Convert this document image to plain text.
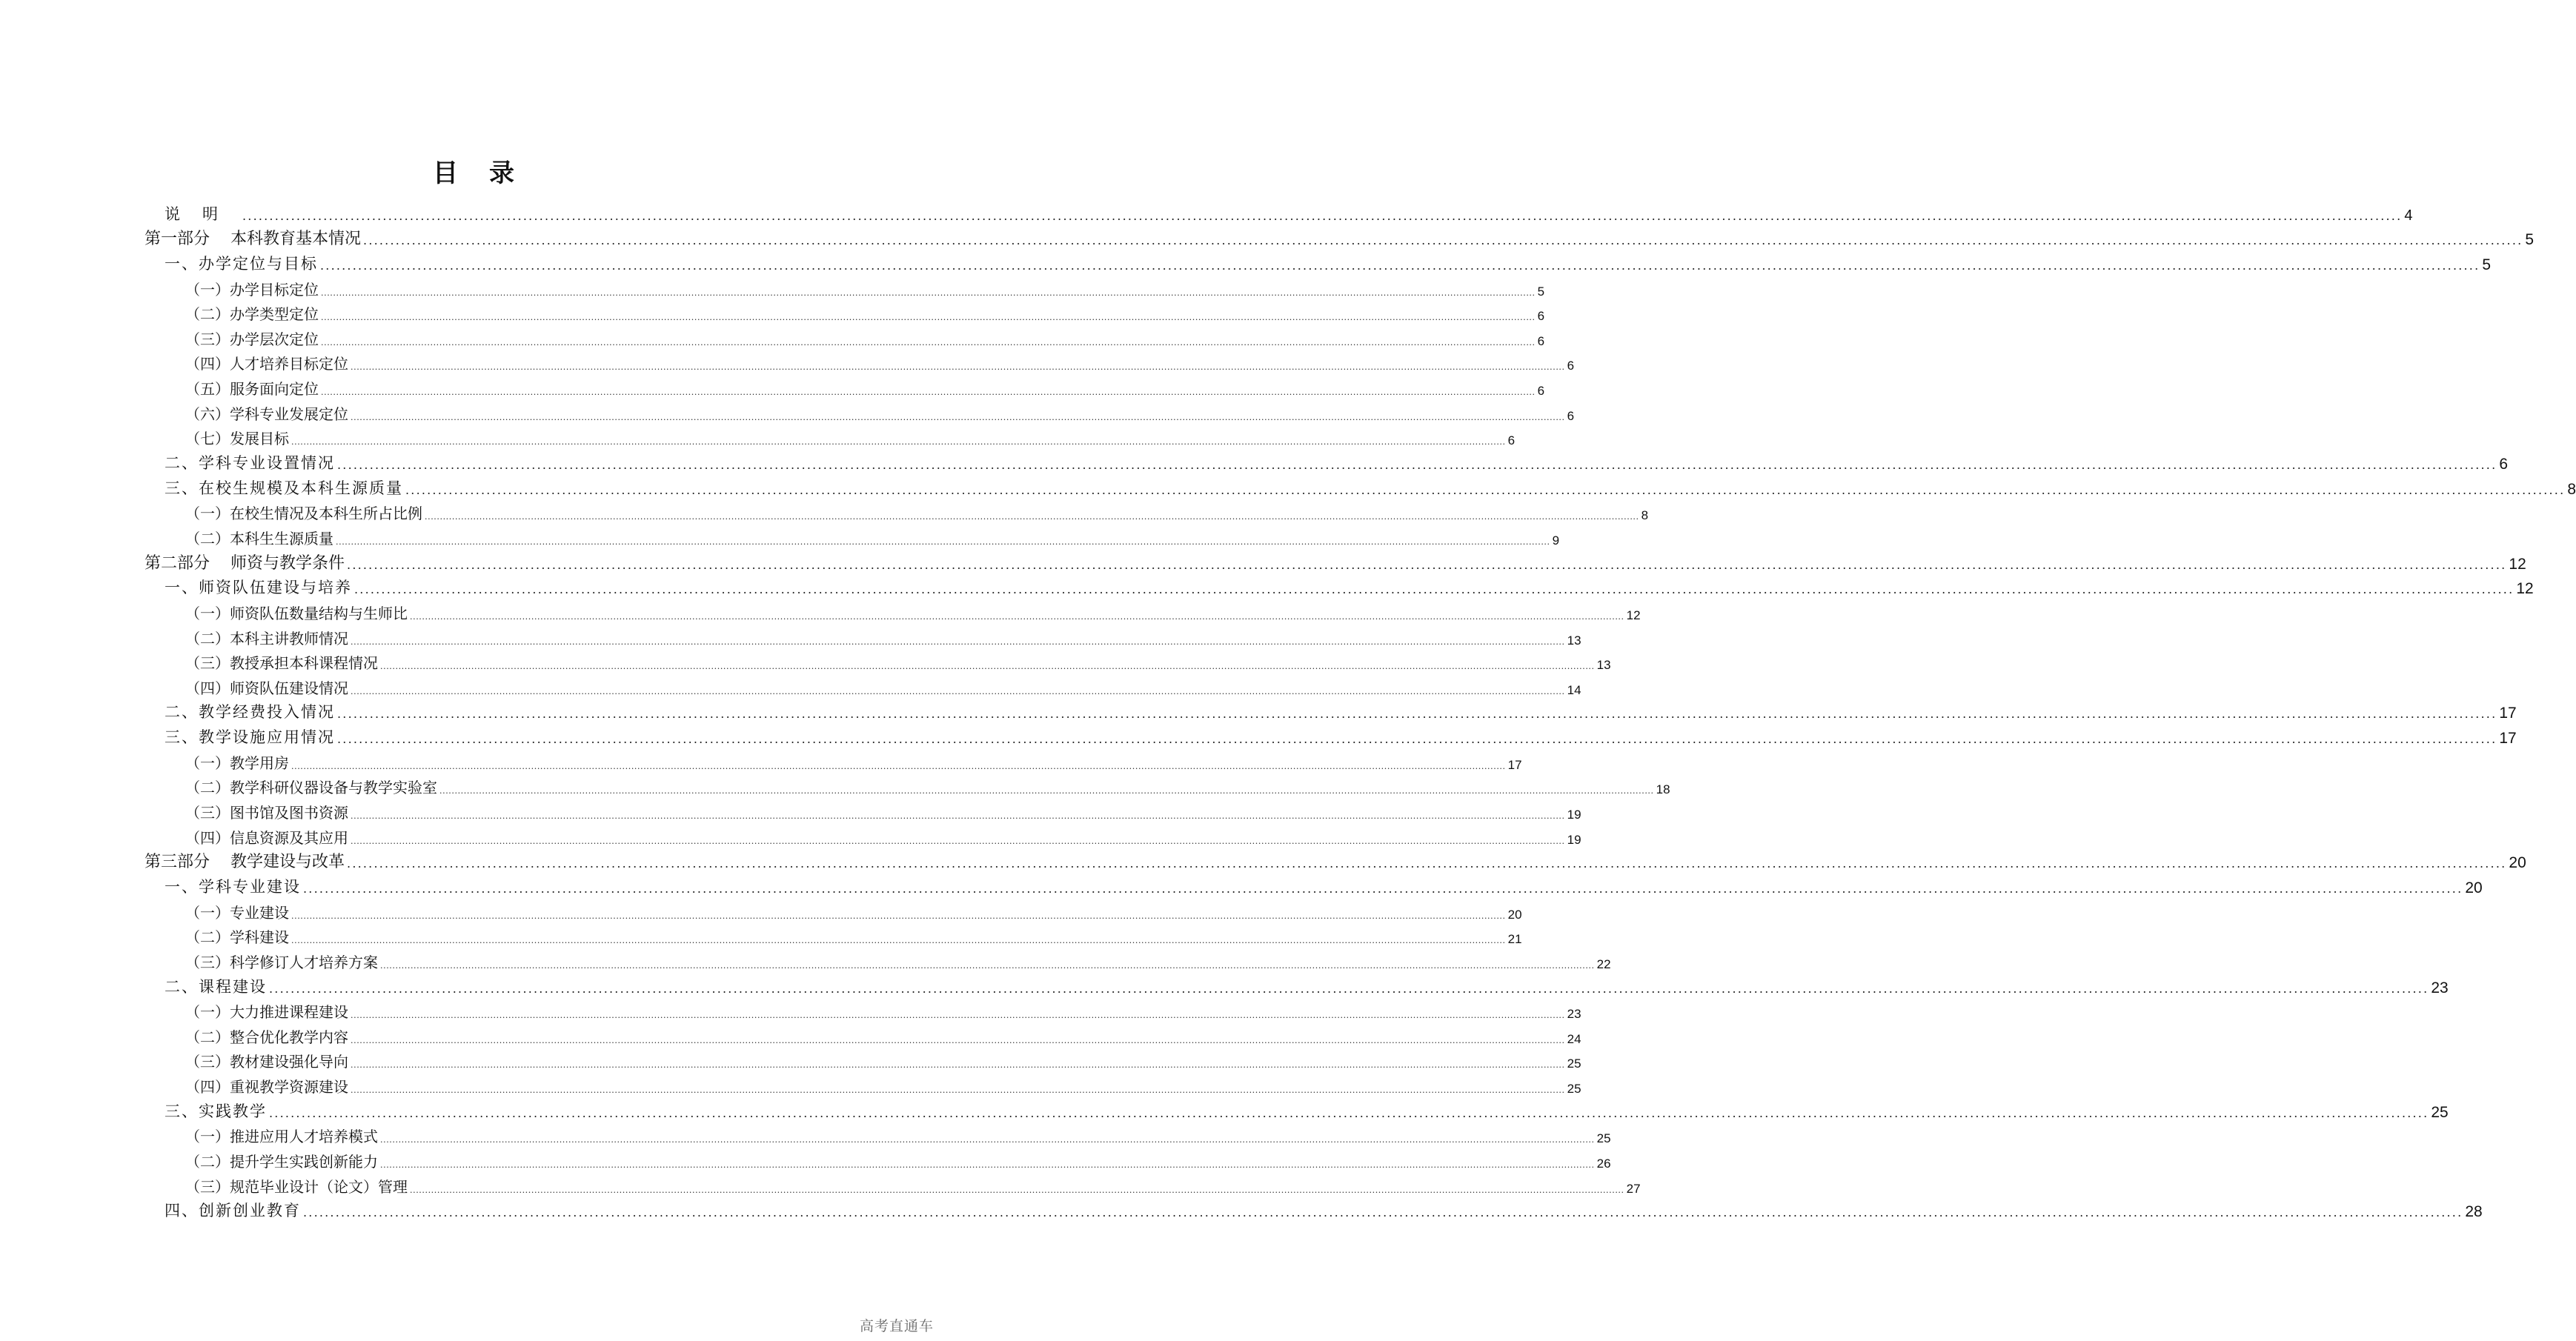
目 录
说明 ................................................................................................................................................................................................................................................................................................................................................................................................................ 4
第一部分 本科教育基本情况 ................................................................................................................................................................................................................................................................................................................................................................................................................ 5
一、办学定位与目标 ................................................................................................................................................................................................................................................................................................................................................................................................................ 5
（一）办学目标定位 ................................................................................................................................................................................................................................................................................................................................................................................................................ 5
（二）办学类型定位 ................................................................................................................................................................................................................................................................................................................................................................................................................ 6
（三）办学层次定位 ................................................................................................................................................................................................................................................................................................................................................................................................................ 6
（四）人才培养目标定位 ................................................................................................................................................................................................................................................................................................................................................................................................................ 6
（五）服务面向定位 ................................................................................................................................................................................................................................................................................................................................................................................................................ 6
（六）学科专业发展定位 ................................................................................................................................................................................................................................................................................................................................................................................................................ 6
（七）发展目标 ................................................................................................................................................................................................................................................................................................................................................................................................................ 6
二、学科专业设置情况 ................................................................................................................................................................................................................................................................................................................................................................................................................ 6
三、在校生规模及本科生源质量 ................................................................................................................................................................................................................................................................................................................................................................................................................ 8
（一）在校生情况及本科生所占比例 ................................................................................................................................................................................................................................................................................................................................................................................................................ 8
（二）本科生生源质量 ................................................................................................................................................................................................................................................................................................................................................................................................................ 9
第二部分 师资与教学条件 ................................................................................................................................................................................................................................................................................................................................................................................................................ 12
一、师资队伍建设与培养 ................................................................................................................................................................................................................................................................................................................................................................................................................ 12
（一）师资队伍数量结构与生师比 ................................................................................................................................................................................................................................................................................................................................................................................................................ 12
（二）本科主讲教师情况 ................................................................................................................................................................................................................................................................................................................................................................................................................ 13
（三）教授承担本科课程情况 ................................................................................................................................................................................................................................................................................................................................................................................................................ 13
（四）师资队伍建设情况 ................................................................................................................................................................................................................................................................................................................................................................................................................ 14
二、教学经费投入情况 ................................................................................................................................................................................................................................................................................................................................................................................................................ 17
三、教学设施应用情况 ................................................................................................................................................................................................................................................................................................................................................................................................................ 17
（一）教学用房 ................................................................................................................................................................................................................................................................................................................................................................................................................ 17
（二）教学科研仪器设备与教学实验室 ................................................................................................................................................................................................................................................................................................................................................................................................................ 18
（三）图书馆及图书资源 ................................................................................................................................................................................................................................................................................................................................................................................................................ 19
（四）信息资源及其应用 ................................................................................................................................................................................................................................................................................................................................................................................................................ 19
第三部分 教学建设与改革 ................................................................................................................................................................................................................................................................................................................................................................................................................ 20
一、学科专业建设 ................................................................................................................................................................................................................................................................................................................................................................................................................ 20
（一）专业建设 ................................................................................................................................................................................................................................................................................................................................................................................................................ 20
（二）学科建设 ................................................................................................................................................................................................................................................................................................................................................................................................................ 21
（三）科学修订人才培养方案 ................................................................................................................................................................................................................................................................................................................................................................................................................ 22
二、课程建设 ................................................................................................................................................................................................................................................................................................................................................................................................................ 23
（一）大力推进课程建设 ................................................................................................................................................................................................................................................................................................................................................................................................................ 23
（二）整合优化教学内容 ................................................................................................................................................................................................................................................................................................................................................................................................................ 24
（三）教材建设强化导向 ................................................................................................................................................................................................................................................................................................................................................................................................................ 25
（四）重视教学资源建设 ................................................................................................................................................................................................................................................................................................................................................................................................................ 25
三、实践教学 ................................................................................................................................................................................................................................................................................................................................................................................................................ 25
（一）推进应用人才培养模式 ................................................................................................................................................................................................................................................................................................................................................................................................................ 25
（二）提升学生实践创新能力 ................................................................................................................................................................................................................................................................................................................................................................................................................ 26
（三）规范毕业设计（论文）管理 ................................................................................................................................................................................................................................................................................................................................................................................................................ 27
四、创新创业教育 ................................................................................................................................................................................................................................................................................................................................................................................................................ 28
高考直通车
